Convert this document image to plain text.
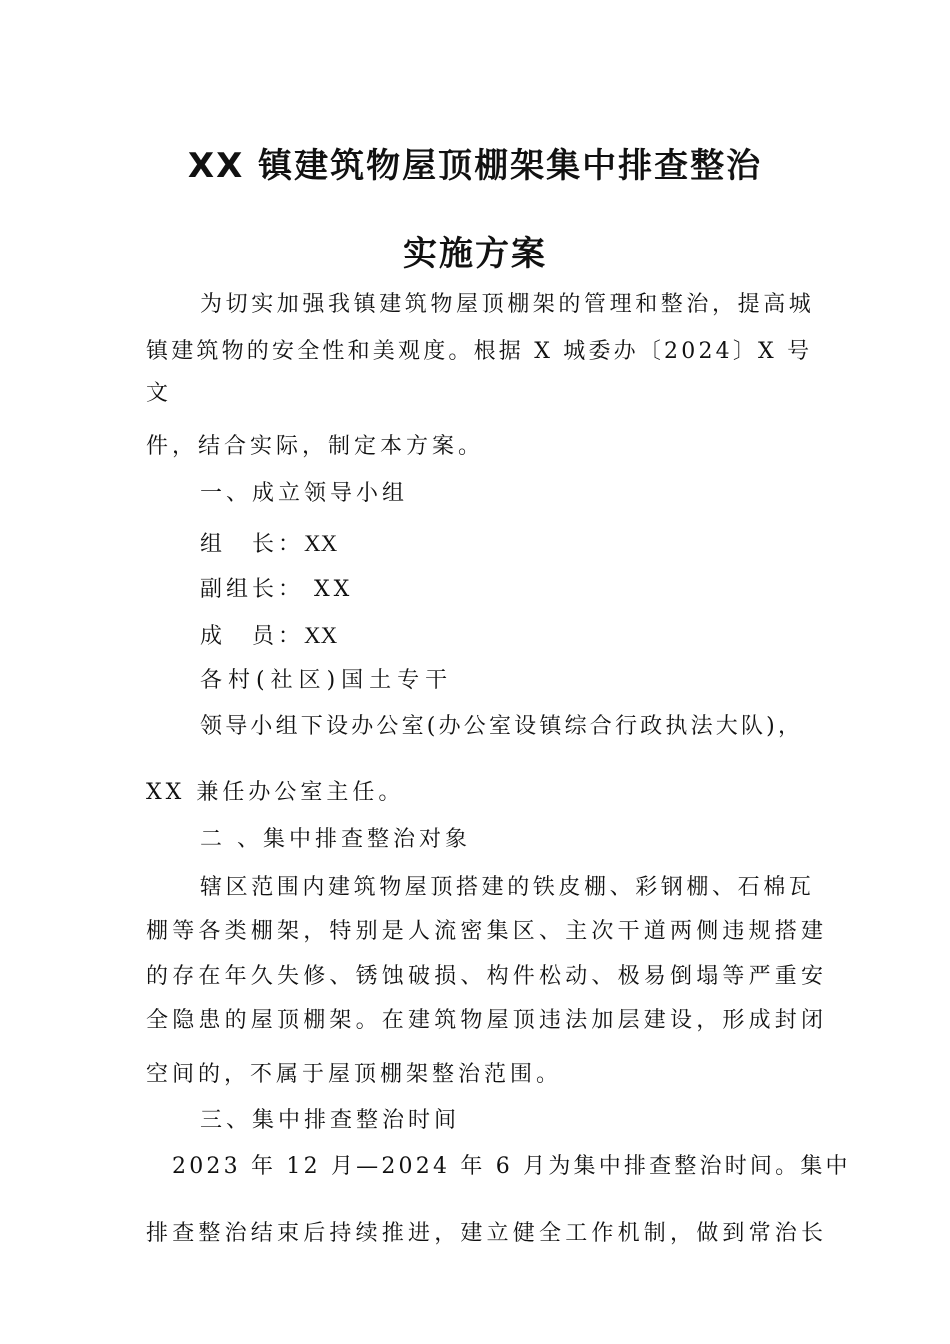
XX 镇建筑物屋顶棚架集中排查整治
实施方案

为切实加强我镇建筑物屋顶棚架的管理和整治，提高城

镇建筑物的安全性和美观度。根据 X 城委办〔2024〕X 号

文

件，结合实际，制定本方案。

一、成立领导小组

组　长：XX

副组长： XX

成　员：XX

各村(社区)国土专干

领导小组下设办公室(办公室设镇综合行政执法大队)，

XX 兼任办公室主任。

二 、集中排查整治对象

辖区范围内建筑物屋顶搭建的铁皮棚、彩钢棚、石棉瓦

棚等各类棚架，特别是人流密集区、主次干道两侧违规搭建

的存在年久失修、锈蚀破损、构件松动、极易倒塌等严重安

全隐患的屋顶棚架。在建筑物屋顶违法加层建设，形成封闭

空间的，不属于屋顶棚架整治范围。

三、集中排查整治时间

2023 年 12 月—2024 年 6 月为集中排查整治时间。集中

排查整治结束后持续推进，建立健全工作机制，做到常治长
